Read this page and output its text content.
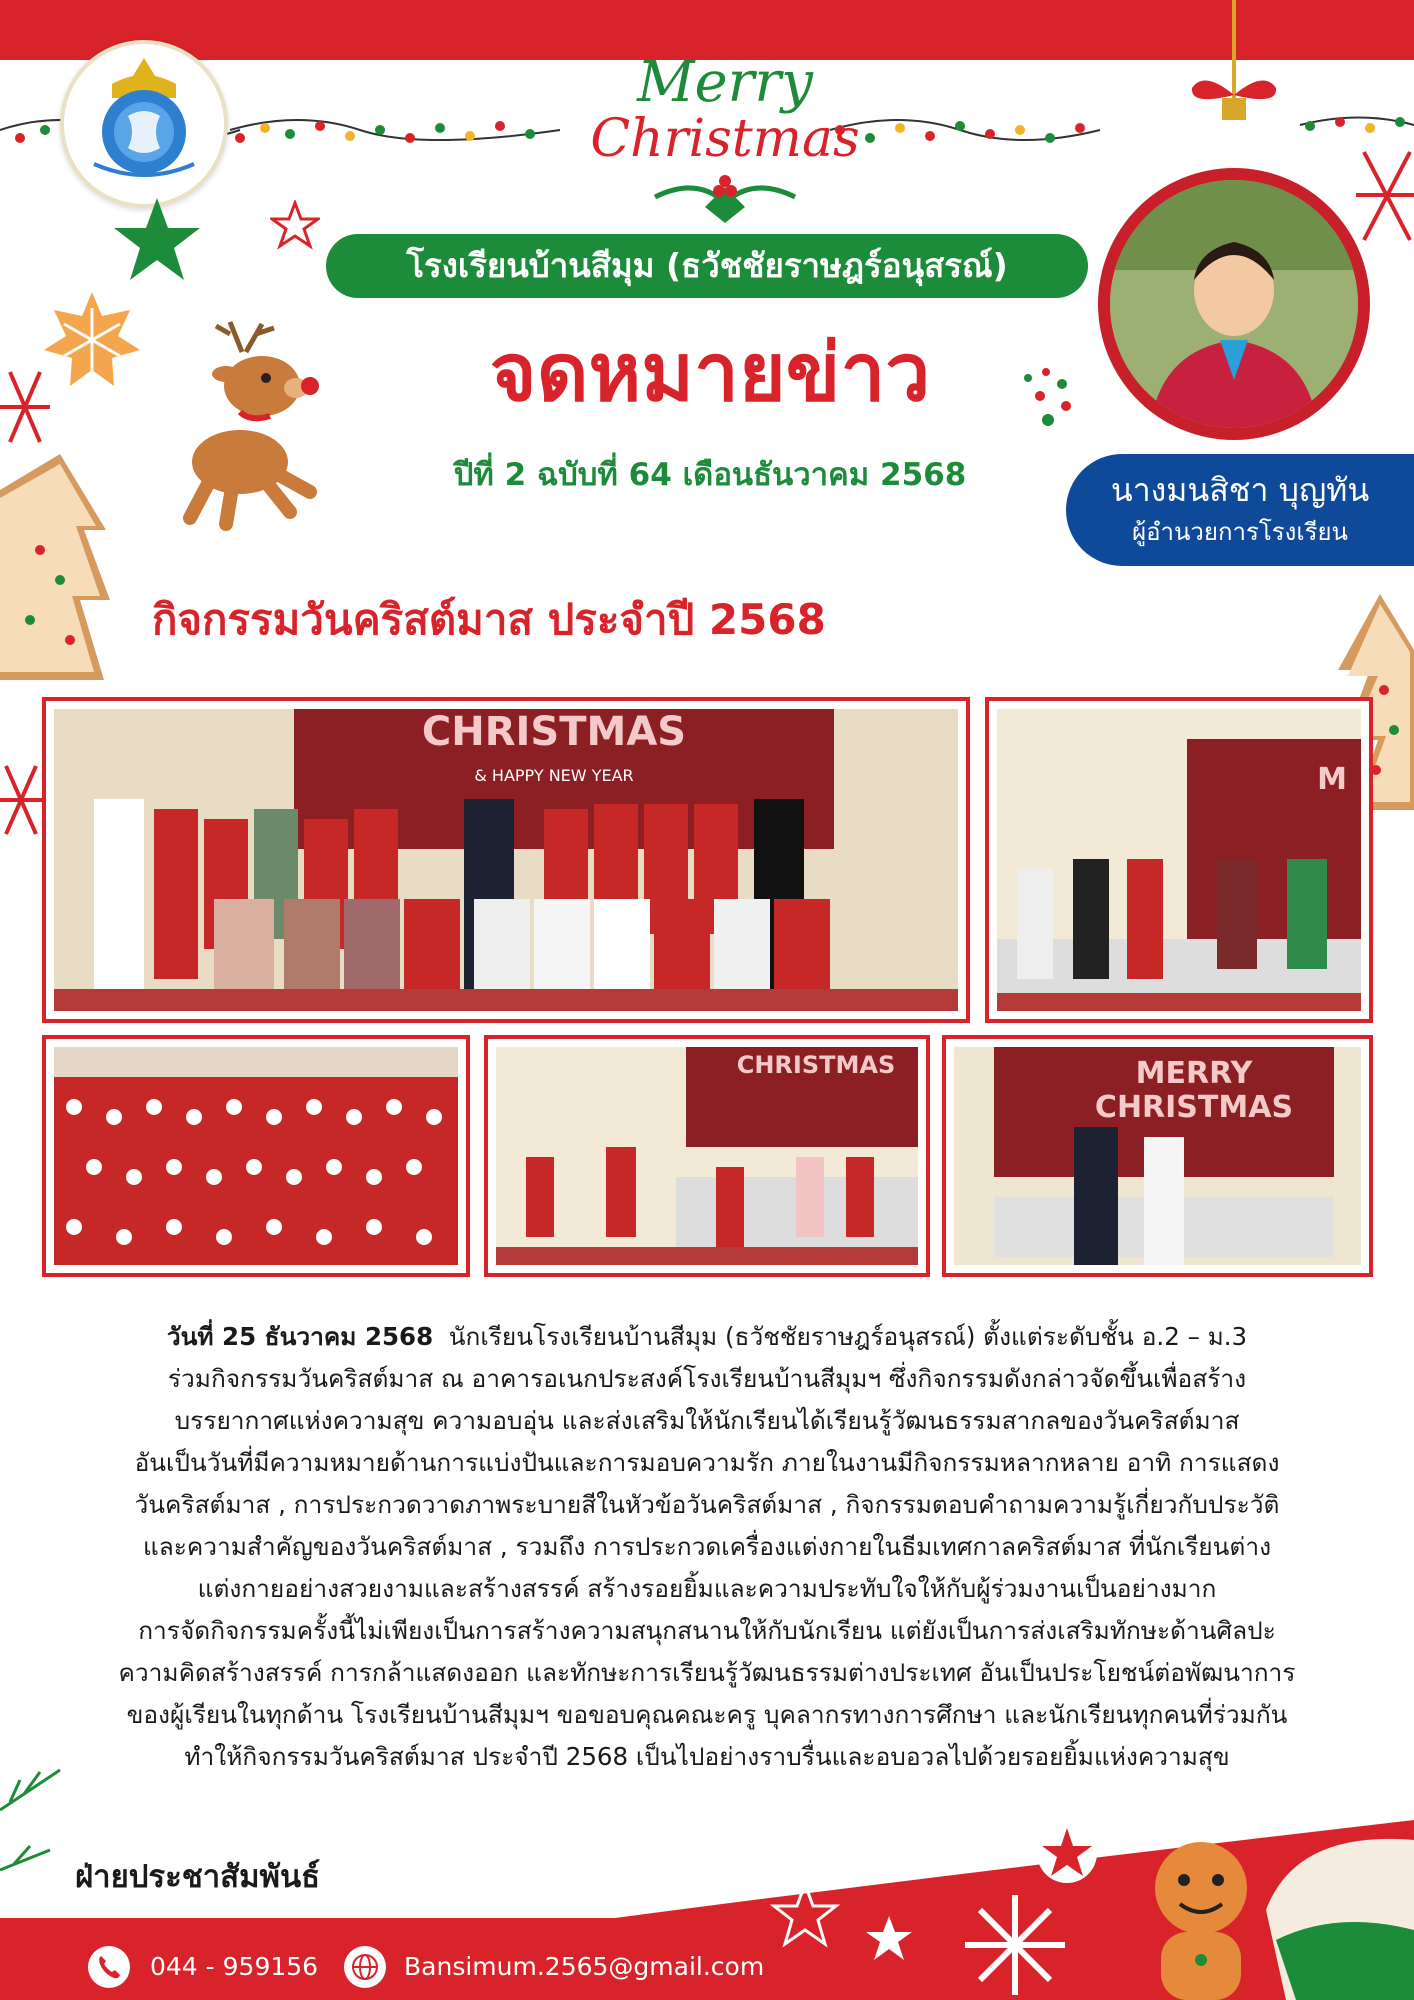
Merry
Christmas
โรงเรียนบ้านสีมุม (ธวัชชัยราษฎร์อนุสรณ์)
จดหมายข่าว
ปีที่ 2 ฉบับที่ 64 เดือนธันวาคม 2568	นางมนสิชา บุญทัน
ผู้อำนวยการโรงเรียน
กิจกรรมวันคริสต์มาส ประจำปี 2568
CHRISTMAS
& HAPPY NEW YEAR	M
CHRISTMAS	MERRY
CHRISTMAS
วันที่ 25 ธันวาคม 2568 นักเรียนโรงเรียนบ้านสีมุม (ธวัชชัยราษฎร์อนุสรณ์) ตั้งแต่ระดับชั้น อ.2 – ม.3
ร่วมกิจกรรมวันคริสต์มาส ณ อาคารอเนกประสงค์โรงเรียนบ้านสีมุมฯ ซึ่งกิจกรรมดังกล่าวจัดขึ้นเพื่อสร้าง
บรรยากาศแห่งความสุข ความอบอุ่น และส่งเสริมให้นักเรียนได้เรียนรู้วัฒนธรรมสากลของวันคริสต์มาส
อันเป็นวันที่มีความหมายด้านการแบ่งปันและการมอบความรัก ภายในงานมีกิจกรรมหลากหลาย อาทิ การแสดง
วันคริสต์มาส , การประกวดวาดภาพระบายสีในหัวข้อวันคริสต์มาส , กิจกรรมตอบคำถามความรู้เกี่ยวกับประวัติ
และความสำคัญของวันคริสต์มาส , รวมถึง การประกวดเครื่องแต่งกายในธีมเทศกาลคริสต์มาส ที่นักเรียนต่าง
แต่งกายอย่างสวยงามและสร้างสรรค์ สร้างรอยยิ้มและความประทับใจให้กับผู้ร่วมงานเป็นอย่างมาก
การจัดกิจกรรมครั้งนี้ไม่เพียงเป็นการสร้างความสนุกสนานให้กับนักเรียน แต่ยังเป็นการส่งเสริมทักษะด้านศิลปะ
ความคิดสร้างสรรค์ การกล้าแสดงออก และทักษะการเรียนรู้วัฒนธรรมต่างประเทศ อันเป็นประโยชน์ต่อพัฒนาการ
ของผู้เรียนในทุกด้าน โรงเรียนบ้านสีมุมฯ ขอขอบคุณคณะครู บุคลากรทางการศึกษา และนักเรียนทุกคนที่ร่วมกัน
ทำให้กิจกรรมวันคริสต์มาส ประจำปี 2568 เป็นไปอย่างราบรื่นและอบอวลไปด้วยรอยยิ้มแห่งความสุข
ฝ่ายประชาสัมพันธ์
044 - 959156	Bansimum.2565@gmail.com
